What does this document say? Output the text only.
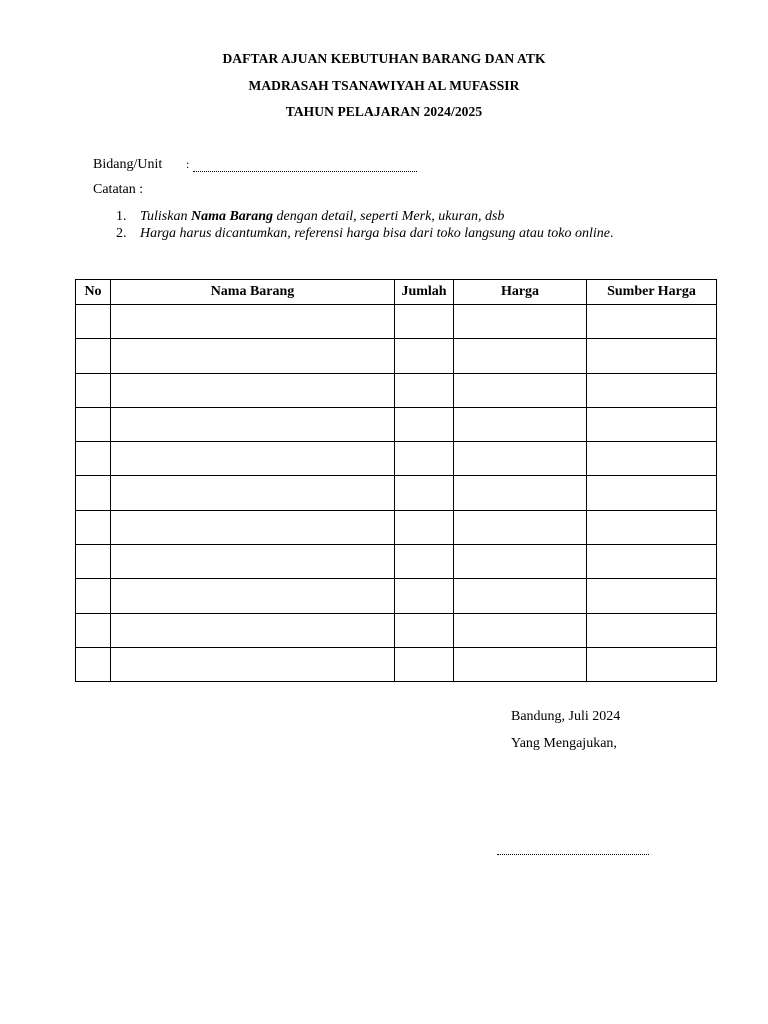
DAFTAR AJUAN KEBUTUHAN BARANG DAN ATK
MADRASAH TSANAWIYAH AL MUFASSIR
TAHUN PELAJARAN 2024/2025
Bidang/Unit :
Catatan :
1. Tuliskan Nama Barang dengan detail, seperti Merk, ukuran, dsb
2. Harga harus dicantumkan, referensi harga bisa dari toko langsung atau toko online.
No	Nama Barang	Jumlah	Harga	Sumber Harga

Bandung, Juli 2024
Yang Mengajukan,
